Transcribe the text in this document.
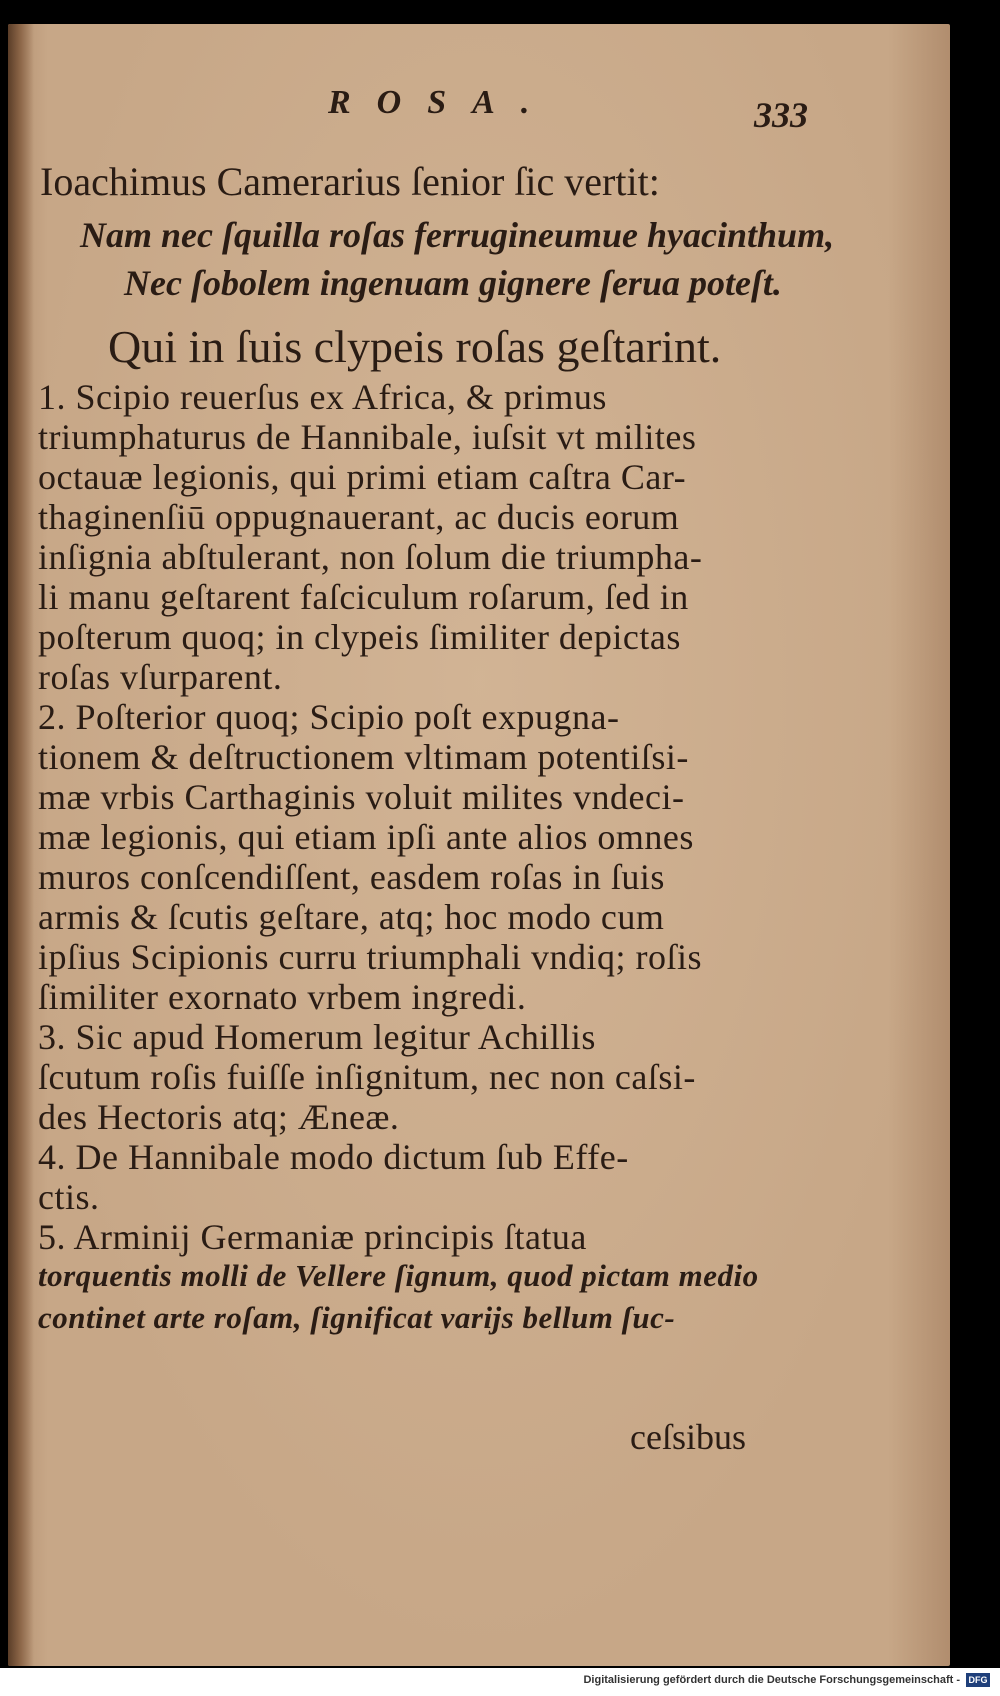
ROSA.	333
Ioachimus Camerarius ſenior ſic vertit:
Nam nec ſquilla roſas ferrugineumue hyacinthum,
Nec ſobolem ingenuam gignere ſerua poteſt.
Qui in ſuis clypeis roſas geſtarint.
1. Scipio reuerſus ex Africa, & primus
triumphaturus de Hannibale, iuſsit vt milites
octauæ legionis, qui primi etiam caſtra Car-
thaginenſiū oppugnauerant, ac ducis eorum
inſignia abſtulerant, non ſolum die triumpha-
li manu geſtarent faſciculum roſarum, ſed in
poſterum quoq; in clypeis ſimiliter depictas
roſas vſurparent.
2. Poſterior quoq; Scipio poſt expugna-
tionem & deſtructionem vltimam potentiſsi-
mæ vrbis Carthaginis voluit milites vndeci-
mæ legionis, qui etiam ipſi ante alios omnes
muros conſcendiſſent, easdem roſas in ſuis
armis & ſcutis geſtare, atq; hoc modo cum
ipſius Scipionis curru triumphali vndiq; roſis
ſimiliter exornato vrbem ingredi.
3. Sic apud Homerum legitur Achillis
ſcutum roſis fuiſſe inſignitum, nec non caſsi-
des Hectoris atq; Æneæ.
4. De Hannibale modo dictum ſub Effe-
ctis.
5. Arminij Germaniæ principis ſtatua
torquentis molli de Vellere ſignum, quod pictam medio
continet arte roſam, ſignificat varijs bellum ſuc-
ceſsibus
Digitalisierung gefördert durch die Deutsche Forschungsgemeinschaft - DFG
